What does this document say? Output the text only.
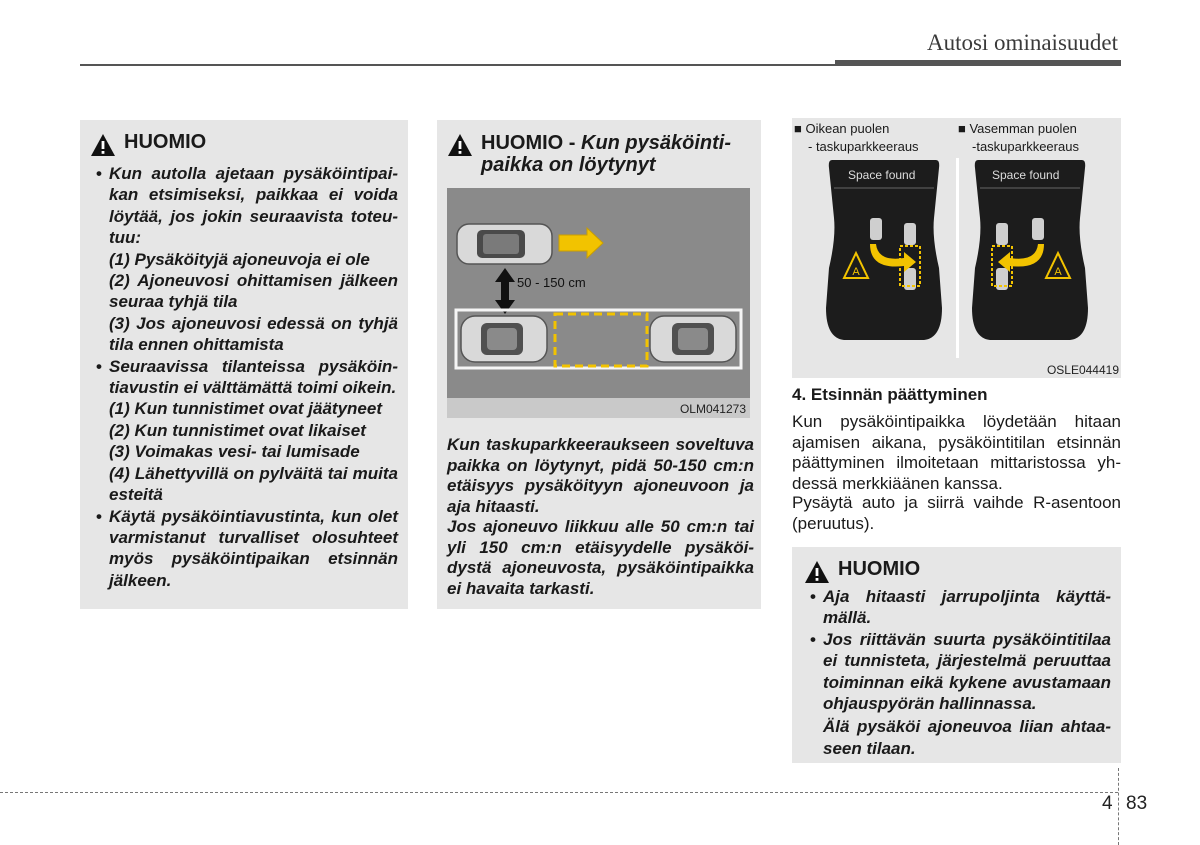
Autosi ominaisuudet
HUOMIO
• Kun autolla ajetaan pysäköintipaikan etsimiseksi, paikkaa ei voida löytää, jos jokin seuraavista toteutuu:
(1) Pysäköityjä ajoneuvoja ei ole
(2) Ajoneuvosi ohittamisen jälkeen seuraa tyhjä tila
(3) Jos ajoneuvosi edessä on tyhjä tila ennen ohittamista
• Seuraavissa tilanteissa pysäköintiavustin ei välttämättä toimi oikein.
(1) Kun tunnistimet ovat jäätyneet
(2) Kun tunnistimet ovat likaiset
(3) Voimakas vesi- tai lumisade
(4) Lähettyvillä on pylväitä tai muita esteitä
• Käytä pysäköintiavustinta, kun olet varmistanut turvalliset olosuhteet myös pysäköintipaikan etsinnän jälkeen.
HUOMIO - Kun pysäköintipaikka on löytynyt
50 - 150 cm
OLM041273
Kun taskuparkkeeraukseen soveltuva paikka on löytynyt, pidä 50-150 cm:n etäisyys pysäköityyn ajoneuvoon ja aja hitaasti.
Jos ajoneuvo liikkuu alle 50 cm:n tai yli 150 cm:n etäisyydelle pysäköidystä ajoneuvosta, pysäköintipaikka ei havaita tarkasti.
■ Oikean puolen
- taskuparkkeeraus
■ Vasemman puolen
-taskuparkkeeraus
A
Space found
A
Space found
OSLE044419
4. Etsinnän päättyminen
Kun pysäköintipaikka löydetään hitaan ajamisen aikana, pysäköintitilan etsinnän päättyminen ilmoitetaan mittaristossa yhdessä merkkiäänen kanssa.
Pysäytä auto ja siirrä vaihde R-asentoon (peruutus).
HUOMIO
• Aja hitaasti jarrupoljinta käyttämällä.
• Jos riittävän suurta pysäköintitilaa ei tunnisteta, järjestelmä peruuttaa toiminnan eikä kykene avustamaan ohjauspyörän hallinnassa.
Älä pysäköi ajoneuvoa liian ahtaaseen tilaan.
4 83
